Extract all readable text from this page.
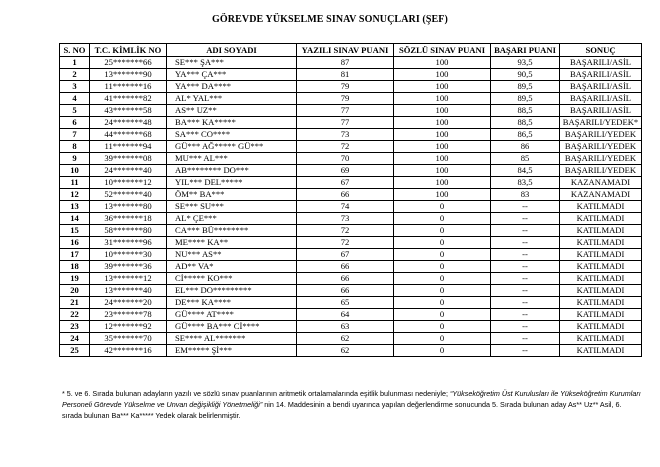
GÖREVDE YÜKSELME SINAV SONUÇLARI (ŞEF)
S. NO	T.C. KİMLİK NO	ADI SOYADI	YAZILI SINAV PUANI	SÖZLÜ SINAV PUANI	BAŞARI PUANI	SONUÇ
1	25*******66	SE*** ŞA***	87	100	93,5	BAŞARILI/ASİL
2	13*******90	YA*** ÇA***	81	100	90,5	BAŞARILI/ASİL
3	11*******16	YA*** DA****	79	100	89,5	BAŞARILI/ASİL
4	41*******82	AL* YAL***	79	100	89,5	BAŞARILI/ASİL
5	43*******58	AS** UZ**	77	100	88,5	BAŞARILI/ASİL
6	24*******48	BA*** KA*****	77	100	88,5	BAŞARILI/YEDEK*
7	44*******68	SA*** CO****	73	100	86,5	BAŞARILI/YEDEK
8	11*******94	GÜ*** AĞ***** GÜ***	72	100	86	BAŞARILI/YEDEK
9	39*******08	MU*** AL***	70	100	85	BAŞARILI/YEDEK
10	24*******40	AB******** DO***	69	100	84,5	BAŞARILI/YEDEK
11	10*******12	YIL*** DEL*****	67	100	83,5	KAZANAMADI
12	52*******40	ÖM** BA***	66	100	83	KAZANAMADI
13	13*******80	SE*** SU***	74	0	--	KATILMADI
14	36*******18	AL* ÇE***	73	0	--	KATILMADI
15	58*******80	CA*** BÜ********	72	0	--	KATILMADI
16	31*******96	ME**** KA**	72	0	--	KATILMADI
17	10*******30	NU*** AS**	67	0	--	KATILMADI
18	39*******36	AD** VA*	66	0	--	KATILMADI
19	13*******12	Cİ***** KO***	66	0	--	KATILMADI
20	13*******40	EL*** DO*********	66	0	--	KATILMADI
21	24*******20	DE*** KA****	65	0	--	KATILMADI
22	23*******78	GÜ**** AT****	64	0	--	KATILMADI
23	12*******92	GÜ**** BA*** Cİ****	63	0	--	KATILMADI
24	35*******70	SE**** AL*******	62	0	--	KATILMADI
25	42*******16	EM***** Şİ***	62	0	--	KATILMADI
* 5. ve 6. Sırada bulunan adayların yazılı ve sözlü sınav puanlarının aritmetik ortalamalarında eşitlik bulunması nedeniyle; “Yükseköğretim Üst Kurulusları ile Yükseköğretim Kurumları Personeli Görevde Yükselme ve Unvan değişikliği Yönetmeliği” nin 14. Maddesinin a bendi uyarınca yapılan değerlendirme sonucunda 5. Sırada bulunan aday As** Uz** Asil, 6. sırada bulunan Ba*** Ka***** Yedek olarak belirlenmiştir.
